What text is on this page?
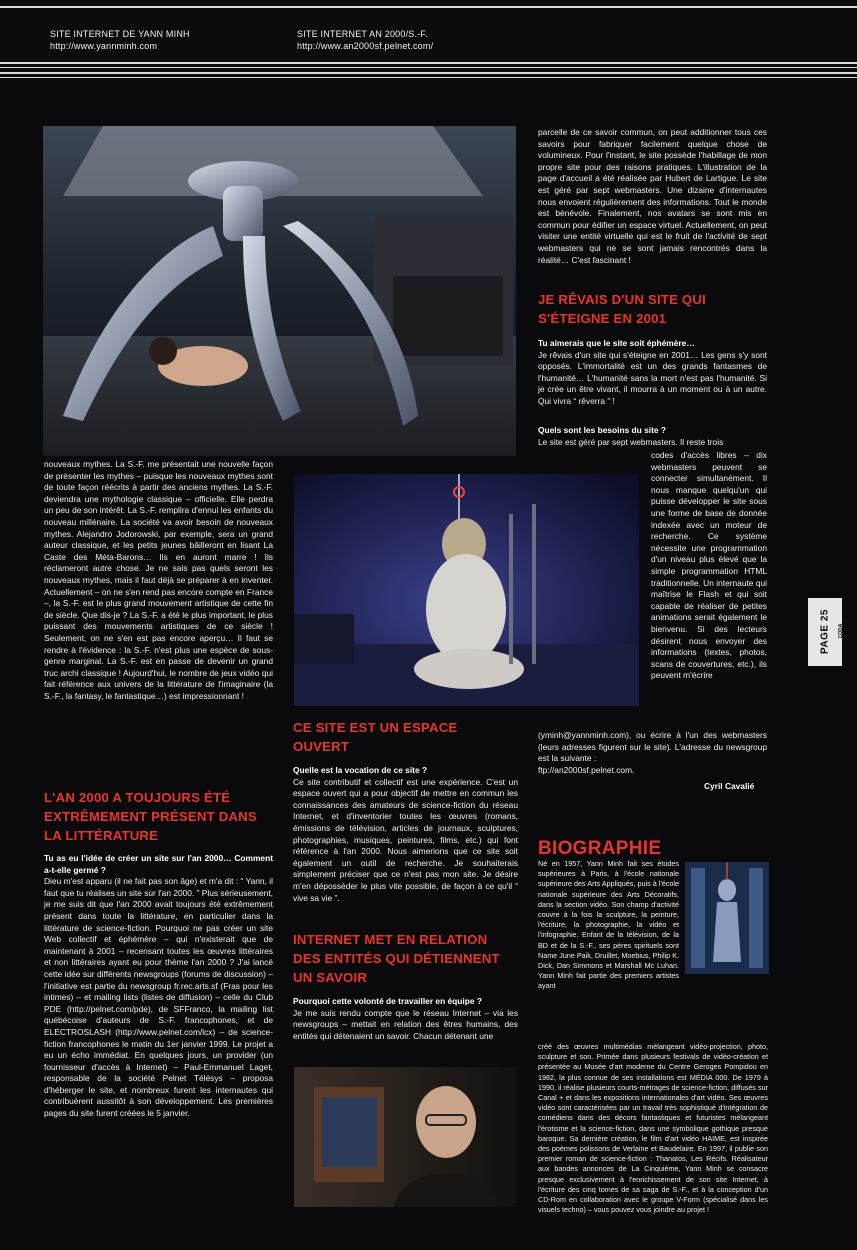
SITE INTERNET DE YANN MINH
http://www.yannminh.com
SITE INTERNET AN 2000/S.-F.
http://www.an2000sf.pelnet.com/

nouveaux mythes. La S.-F. me présentait une nouvelle façon de présenter les mythes – puisque les nouveaux mythes sont de toute façon réécrits à partir des anciens mythes. La S.-F. deviendra une mythologie classique – officielle. Elle perdra un peu de son intérêt. La S.-F. remplira d'ennui les enfants du nouveau millénaire. La société va avoir besoin de nouveaux mythes. Alejandro Jodorowski, par exemple, sera un grand auteur classique, et les petits jeunes bâilleront en lisant La Caste des Méta-Barons… Ils en auront marre ! Ils réclameront autre chose. Je ne sais pas quels seront les nouveaux mythes, mais il faut déjà se préparer à en inventer. Actuellement – on ne s'en rend pas encore compte en France –, la S.-F. est le plus grand mouvement artistique de cette fin de siècle. Que dis-je ? La S.-F. a été le plus important, le plus puissant des mouvements artistiques de ce siècle ! Seulement, on ne s'en est pas encore aperçu… Il faut se rendre à l'évidence : la S.-F. n'est plus une espèce de sous-genre marginal. La S.-F. est en passe de devenir un grand truc archi classique ! Aujourd'hui, le nombre de jeux vidéo qui fait référence aux univers de la littérature de l'imaginaire (la S.-F., la fantasy, le fantastique…) est impressionnant !

L'AN 2000 A TOUJOURS ÉTÉ EXTRÊMEMENT PRÉSENT DANS LA LITTÉRATURE

Tu as eu l'idée de créer un site sur l'an 2000… Comment a-t-elle germé ?

Dieu m'est apparu (il ne fait pas son âge) et m'a dit : “ Yann, il faut que tu réalises un site sur l'an 2000. ” Plus sérieusement, je me suis dit que l'an 2000 avait toujours été extrêmement présent dans toute la littérature, en particulier dans la littérature de science-fiction. Pourquoi ne pas créer un site Web collectif et éphémère – qui n'existerait que de maintenant à 2001 – recensant toutes les œuvres littéraires et non littéraires ayant eu pour thème l'an 2000 ? J'ai lancé cette idée sur différents newsgroups (forums de discussion) – l'initiative est partie du newsgroup fr.rec.arts.sf (Fras pour les intimes) – et mailing lists (listes de diffusion) – celle du Club PDE (http://pelnet.com/pde), de SFFranco, la mailing list québécoise d'auteurs de S.-F. francophones, et de ELECTROSLASH (http://www.pelnet.com/lcx) – de science-fiction francophones le matin du 1er janvier 1999. Le projet a eu un écho immédiat. En quelques jours, un provider (un fournisseur d'accès à Internet) – Paul-Emmanuel Laget, responsable de la société Pelnet Télésys – proposa d'héberger le site, et nombreux furent les internautes qui contribuèrent aussitôt à son développement. Les premières pages du site furent créées le 5 janvier.

CE SITE EST UN ESPACE OUVERT

Quelle est la vocation de ce site ?

Ce site contributif et collectif est une expérience. C'est un espace ouvert qui a pour objectif de mettre en commun les connaissances des amateurs de science-fiction du réseau Internet, et d'inventorier toutes les œuvres (romans, émissions de télévision, articles de journaux, sculptures, photographies, musiques, peintures, films, etc.) qui font référence à l'an 2000. Nous aimerions que ce site soit également un outil de recherche. Je souhaiterais simplement préciser que ce n'est pas mon site. Je désire m'en déposséder le plus vite possible, de façon à ce qu'il “ vive sa vie ”.

INTERNET MET EN RELATION DES ENTITÉS QUI DÉTIENNENT UN SAVOIR

Pourquoi cette volonté de travailler en équipe ?

Je me suis rendu compte que le réseau Internet – via les newsgroups – mettait en relation des êtres humains, des entités qui détenaient un savoir. Chacun détenant une

parcelle de ce savoir commun, on peut additionner tous ces savoirs pour fabriquer facilement quelque chose de volumineux. Pour l'instant, le site possède l'habillage de mon propre site pour des raisons pratiques. L'illustration de la page d'accueil a été réalisée par Hubert de Lartigue. Le site est géré par sept webmasters. Une dizaine d'internautes nous envoient régulièrement des informations. Tout le monde est bénévole. Finalement, nos avatars se sont mis en commun pour édifier un espace virtuel. Actuellement, on peut visiter une entité virtuelle qui est le fruit de l'activité de sept webmasters qui ne se sont jamais rencontrés dans la réalité… C'est fascinant !

JE RÊVAIS D'UN SITE QUI S'ÉTEIGNE EN 2001

Tu aimerais que le site soit éphémère…

Je rêvais d'un site qui s'éteigne en 2001… Les gens s'y sont opposés. L'immortalité est un des grands fantasmes de l'humanité… L'humanité sans la mort n'est pas l'humanité. Si je crée un être vivant, il mourra à un moment ou à un autre. Qui vivra “ rêverra ” !

Quels sont les besoins du site ?

Le site est géré par sept webmasters. Il reste trois

codes d'accès libres – dix webmasters peuvent se connecter simultanément. Il nous manque quelqu'un qui puisse développer le site sous une forme de base de donnée indexée avec un moteur de recherche. Ce système nécessite une programmation d'un niveau plus élevé que la simple programmation HTML traditionnelle. Un internaute qui maîtrise le Flash et qui soit capable de réaliser de petites animations serait également le bienvenu. Si des lecteurs désirent nous envoyer des informations (textes, photos, scans de couvertures, etc.), ils peuvent m'écrire

(yminh@yannminh.com), ou écrire à l'un des webmasters (leurs adresses figurent sur le site). L'adresse du newsgroup est la suivante :

ftp://an2000sf.pelnet.com.

Cyril Cavalié
BIOGRAPHIE

Né en 1957, Yann Minh fait ses études supérieures à Paris, à l'école nationale supérieure des Arts Appliqués, puis à l'école nationale supérieure des Arts Décoratifs, dans la section vidéo. Son champ d'activité couvre à la fois la sculpture, la peinture, l'écriture, la photographie, la vidéo et l'infographie. Enfant de la télévision, de la BD et de la S.-F., ses pères spirituels sont Name June Paik, Druillet, Moebius, Philip K. Dick, Dan Simmons et Marshall Mc Luhan. Yann Minh fait partie des premiers artistes ayant

créé des œuvres multimédias mélangeant vidéo-projection, photo, sculpture et son. Primée dans plusieurs festivals de vidéo-création et présentée au Musée d'art moderne du Centre Geroges Pompidou en 1982, la plus connue de ses installations est MÉDIA 000. De 1979 à 1990, il réalise plusieurs courts-métrages de science-fiction, diffusés sur Canal + et dans les expositions internationales d'art vidéo. Ses œuvres vidéo sont caractérisées par un travail très sophistiqué d'intégration de comédiens dans des décors fantastiques et futuristes mélangeant l'érotisme et la science-fiction, dans une symbolique gothique presque baroque. Sa dernière création, le film d'art vidéo HAIME, est inspirée des poèmes polissons de Verlaine et Baudelaire. En 1997, il publie son premier roman de science-fiction : Thanatos, Les Récifs. Réalisateur aux bandes annonces de La Cinquième, Yann Minh se consacre presque exclusivement à l'enrichissement de son site Internet, à l'écriture des cinq tomes de sa saga de S.-F., et à la conception d'un CD-Rom en collaboration avec le groupe V-Form (spécialisé dans les visuels techno) – vous pouvez vous joindre au projet !

PAGE 25 CODA
